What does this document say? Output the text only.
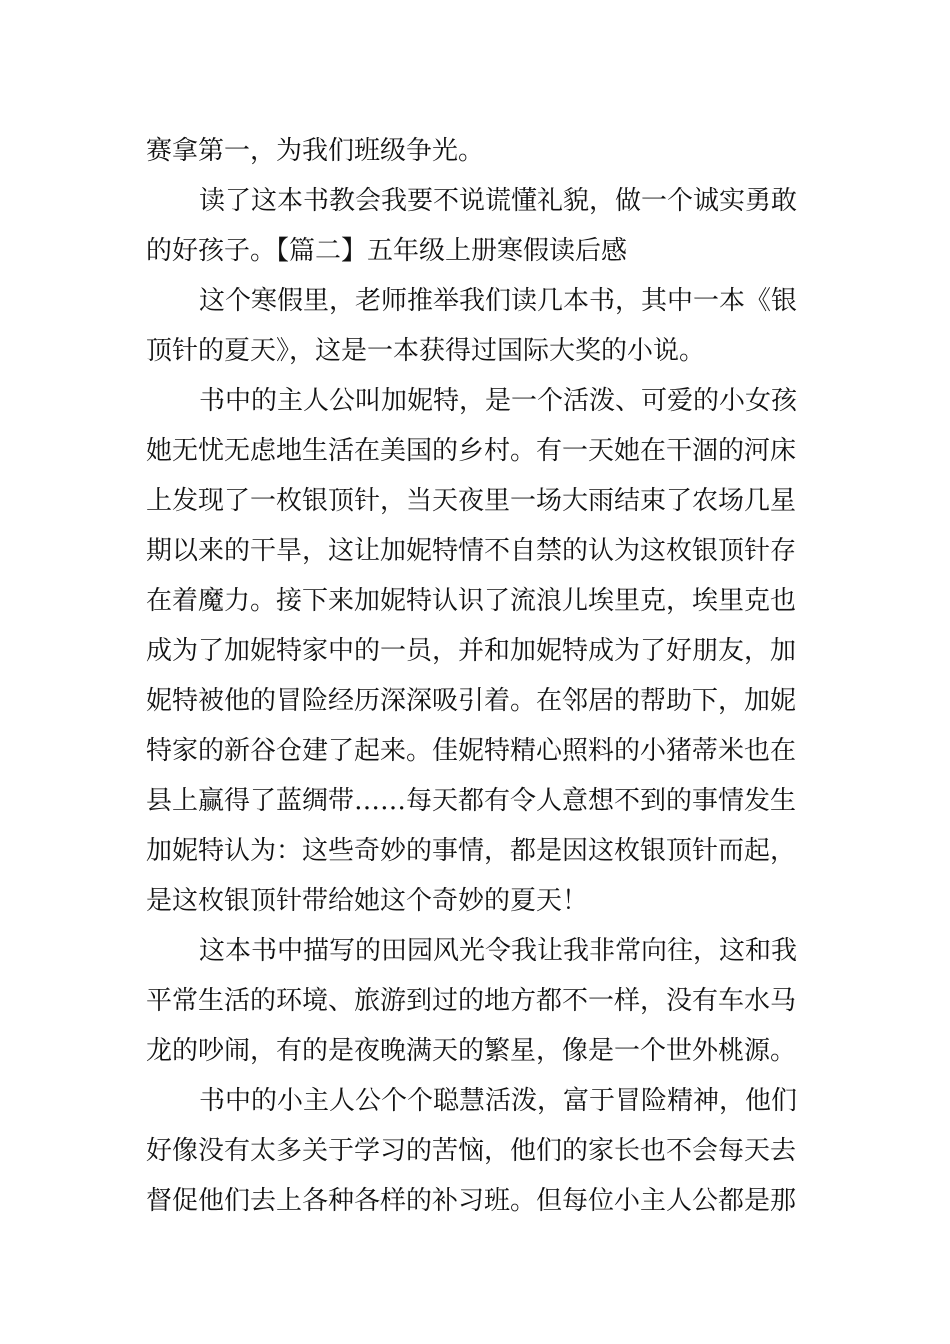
赛拿第一，为我们班级争光。
读了这本书教会我要不说谎懂礼貌，做一个诚实勇敢
的好孩子。【篇二】五年级上册寒假读后感
这个寒假里，老师推举我们读几本书，其中一本《银
顶针的夏天》，这是一本获得过国际大奖的小说。
书中的主人公叫加妮特，是一个活泼、可爱的小女孩
她无忧无虑地生活在美国的乡村。有一天她在干涸的河床
上发现了一枚银顶针，当天夜里一场大雨结束了农场几星
期以来的干旱，这让加妮特情不自禁的认为这枚银顶针存
在着魔力。接下来加妮特认识了流浪儿埃里克，埃里克也
成为了加妮特家中的一员，并和加妮特成为了好朋友，加
妮特被他的冒险经历深深吸引着。在邻居的帮助下，加妮
特家的新谷仓建了起来。佳妮特精心照料的小猪蒂米也在
县上赢得了蓝绸带……每天都有令人意想不到的事情发生
加妮特认为：这些奇妙的事情，都是因这枚银顶针而起，
是这枚银顶针带给她这个奇妙的夏天！
这本书中描写的田园风光令我让我非常向往，这和我
平常生活的环境、旅游到过的地方都不一样，没有车水马
龙的吵闹，有的是夜晚满天的繁星，像是一个世外桃源。
书中的小主人公个个聪慧活泼，富于冒险精神，他们
好像没有太多关于学习的苦恼，他们的家长也不会每天去
督促他们去上各种各样的补习班。但每位小主人公都是那
